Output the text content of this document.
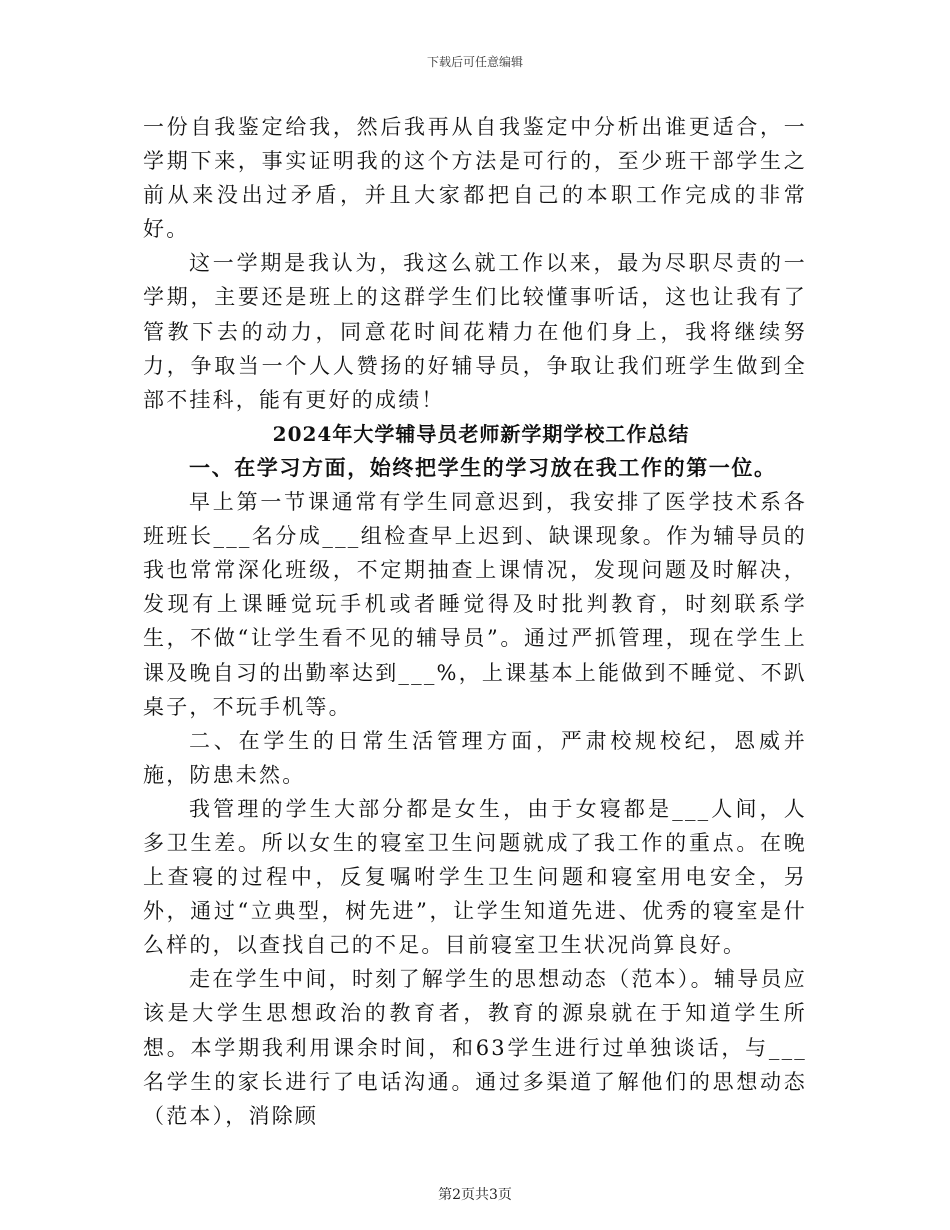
下载后可任意编辑

一份自我鉴定给我，然后我再从自我鉴定中分析出谁更适合，一学期下来，事实证明我的这个方法是可行的，至少班干部学生之前从来没出过矛盾，并且大家都把自己的本职工作完成的非常好。

这一学期是我认为，我这么就工作以来，最为尽职尽责的一学期，主要还是班上的这群学生们比较懂事听话，这也让我有了管教下去的动力，同意花时间花精力在他们身上，我将继续努力，争取当一个人人赞扬的好辅导员，争取让我们班学生做到全部不挂科，能有更好的成绩！

2024年大学辅导员老师新学期学校工作总结
一、在学习方面，始终把学生的学习放在我工作的第一位。

早上第一节课通常有学生同意迟到，我安排了医学技术系各班班长___名分成___组检查早上迟到、缺课现象。作为辅导员的我也常常深化班级，不定期抽查上课情况，发现问题及时解决，发现有上课睡觉玩手机或者睡觉得及时批判教育，时刻联系学生，不做“让学生看不见的辅导员”。通过严抓管理，现在学生上课及晚自习的出勤率达到___%，上课基本上能做到不睡觉、不趴桌子，不玩手机等。

二、在学生的日常生活管理方面，严肃校规校纪，恩威并施，防患未然。

我管理的学生大部分都是女生，由于女寝都是___人间，人多卫生差。所以女生的寝室卫生问题就成了我工作的重点。在晚上查寝的过程中，反复嘱咐学生卫生问题和寝室用电安全，另外，通过“立典型，树先进”，让学生知道先进、优秀的寝室是什么样的，以查找自己的不足。目前寝室卫生状况尚算良好。

走在学生中间，时刻了解学生的思想动态（范本）。辅导员应该是大学生思想政治的教育者，教育的源泉就在于知道学生所想。本学期我利用课余时间，和63学生进行过单独谈话，与___名学生的家长进行了电话沟通。通过多渠道了解他们的思想动态（范本），消除顾

第2页共3页
